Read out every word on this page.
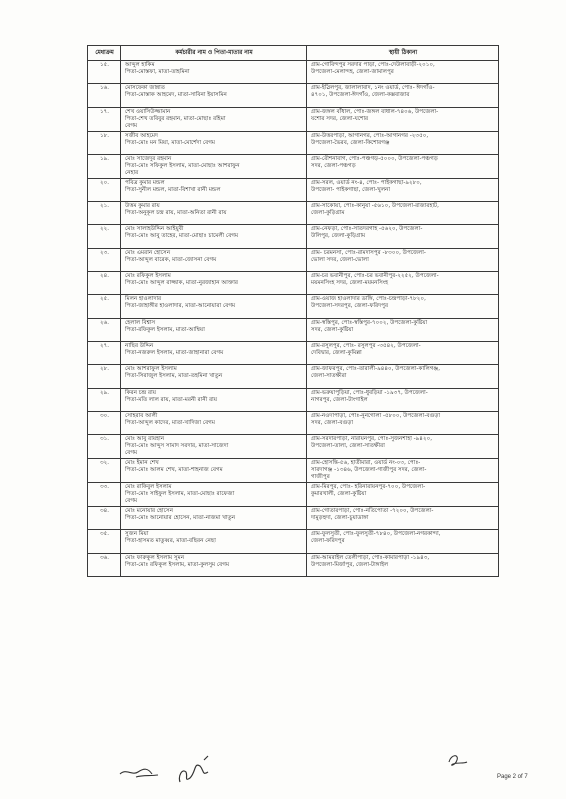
মেধাক্রম	কর্মচারীর নাম ও পিতা-মাতার নাম	স্থায়ী ঠিকানা
১৫.	আব্দুল হাকিম
পিতা-মোস্তফা, মাতা-তাহমিনা	গ্রাম-গোবিন্দপুর সরদার পাড়া, পোঃ-দেউলাবাড়ী-২০১০,
উপজেলা-মেলান্দহ, জেলা-জামালপুর

১৬.	মোসফেকা জান্নাত
পিতা-মোস্তাক আহমেদ, মাতা-সাবিনা ইয়াসমিন	গ্রাম-ইস্লিলপুর, জালালাবাদ, ১নং ওয়ার্ড, পোঃ- ঈদগাঁও-
৪৭০১, উপজেলা-ঈদগাঁও, জেলা-কক্সবাজার

১৭.	শেখ ওয়াসিউজ্জামান
পিতা-শেখ তবিবুর রহমান, মাতা-মোছাঃ রহিমা
বেগম	গ্রাম-জঙ্গল বাঁধাল, পোঃ-জঙ্গল বাধাল-৭৪০৬, উপজেলা-
যশোর সদর, জেলা-যশোর

১৮.	সজীব আহমেদ
পিতা-মোঃ মন মিয়া, মাতা-মোর্শেদা বেগম	গ্রাম-উত্তরপাড়া, আগানগর, পোঃ-আগানগর -২৩৫০,
উপজেলা-ভৈরব, জেলা-কিশোরগঞ্জ

১৯.	মোঃ সাজেদুর রহমান
পিতা-মোঃ সফিকুল ইসলাম, মাতা-মোছাঃ আশরাফুন
নেহার	গ্রাম-রৌশনাবাগ, পোঃ-পঞ্চগড়-৫০০০, উপজেলা-পঞ্চগড়
সদর, জেলা-পঞ্চগড়

২০.	পবিত্র কুমার মন্ডল
পিতা-সুনীল মন্ডল, মাতা-বিশাখা রানী মন্ডল	গ্রাম-সরল, ওয়ার্ড নং-৪, পোঃ- পাইকগাছা-৯২৮০,
উপজেলা- পাইকগাছা, জেলা-খুলনা

২১.	উত্তম কুমার রায়
পিতা-অনুকূল চন্দ্র রায়, মাতা-অনিতা রানী রায়	গ্রাম-সাকোয়া, পোঃ-কানুয়া -৫৬১০, উপজেলা-রাজারহাট,
জেলা-কুড়িগ্রাম

২২.	মোঃ সালাহউদ্দিন আইয়ুবী
পিতা-মোঃ আবু তাহের, মাতা-মোছাঃ চামেলী বেগম	গ্রাম-নেফড়া, পোঃ-সাতদরগাহ -৫৬২০, উপজেলা-
উলিপুর, জেলা-কুড়িগ্রাম

২৩.	মোঃ এমরান হোসেন
পিতা-আব্দুল বারেক, মাতা-জোসনা বেগম	গ্রাম- চরমনসা, পোঃ-রামদাসপুর -৮৩০০, উপজেলা-
ভোলা সদর, জেলা-ভোলা

২৪.	মোঃ রফিকুল ইসলাম
পিতা-মোঃ আব্দুল রাজ্জাক, মাতা-নুরজাহান আক্তার	গ্রাম-চর ভবানীপুর, পোঃ-চর ভবানীপুর-২২৫২, উপজেলা-
ময়মনসিংহ সদর, জেলা-ময়মনসিংহ

২৫.	মিলন হাওলাদার
পিতা-জাহাঙ্গীর হাওলাদার, মাতা-আনোয়ারা বেগম	গ্রাম-ওয়াজ হাওলাদার ডাঙ্গি, পোঃ-চন্দ্রপাড়া-৭৮২০,
উপজেলা-সদরপুর, জেলা-ফরিদপুর

২৬.	হেলাল বিশ্বাস
পিতা-রফিকুল ইসলাম, মাতা-আম্বিয়া	গ্রাম-স্বস্তিপুর, পোঃ-স্বস্তিপুর-৭০০২, উপজেলা-কুষ্টিয়া
সদর, জেলা-কুষ্টিয়া

২৭.	নাছির উদ্দিন
পিতা-নজরুল ইসলাম, মাতা-জাহানারা বেগম	গ্রাম-রসুলপুর, পোঃ- রসুলপুর -৩৫৪২, উপজেলা-
দেবিদ্বার, জেলা-কুমিল্লা

২৮.	মোঃ আশরাফুল ইসলাম
পিতা-সিরাজুল ইসলাম, মাতা-তহমিনা খাতুন	গ্রাম-জাফরপুর, পোঃ-তারালী-৯৪৪০, উপজেলা-কালিগঞ্জ,
জেলা-সাতক্ষীরা

২৯.	কিরন চন্দ্র রায়
পিতা-মতি লাল রায়, মাতা-মরনী রানী রায়	গ্রাম-ভরুয়াপুড়িয়া, পোঃ-ধুবড়িয়া -১৯৩৭, উপজেলা-
নাগরপুর, জেলা-টাংগাইল

৩০.	সোহরাব আলী
পিতা-আব্দুল কাদের, মাতা-খাদিজা বেগম	গ্রাম-নওদাপাড়া, পোঃ-নুনগোলা -৫৮০০, উপজেলা-বগুড়া
সদর, জেলা-বগুড়া

৩১.	মোঃ আবু রায়হান
পিতা-মোঃ আব্দুস সামাদ সরদার, মাতা-সাজেদা
বেগম	গ্রাম-সরদারপাড়া, নারায়নপুর, পোঃ-সুজনশাহা -৯৪২০,
উপজেলা-তালা, জেলা-সাতক্ষীরা

৩২.	মোঃ ইমান শেখ
পিতা-মোঃ আলম শেখ, মাতা-শাহনাজ বেগম	গ্রাম-হোসন্তি-৫৬, হাতীমারা, ওয়ার্ড নং-০৩, পোঃ-
সারদাগঞ্জ -১৩৪৬, উপজেলা-গাজীপুর সদর, জেলা-
গাজীপুর

৩৩.	মোঃ রাকিবুল ইসলাম
পিতা-মোঃ সাইফুল ইসলাম, মাতা-মোছাঃ রাফেজা
বেগম	গ্রাম-মিরপুর, পোঃ- হরিনারায়নপুর-৭০০, উপজেলা-
কুমারখালী, জেলা-কুষ্টিয়া

৩৪.	মোঃ মনোয়ার হোসেন
পিতা-মোঃ আনোয়ার হোসেন, মাতা-নাজমা খাতুন	গ্রাম-গোতারপাড়া, পোঃ-নতিপোতা -৭২০০, উপজেলা-
দামুড়হুদা, জেলা-চুয়াডাঙ্গা

৩৫.	সুজন মিয়া
পিতা-হাসমত মাতুব্বর, মাতা-বছিরন নেছা	গ্রাম-ফুলসুতী, পোঃ-ফুলসুতী-৭৮৪০, উপজেলা-নগরকান্দা,
জেলা-ফরিদপুর

৩৬.	মোঃ ফারুকুল ইসলাম সুমন
পিতা-মোঃ রফিকুল ইসলাম, মাতা-কুলসুম বেগম	গ্রাম-আমরাইল তেলীপাড়া, পোঃ-কামারপাড়া -১৯৪৩,
উপজেলা-মির্জাপুর, জেলা-টাঙ্গাইল
Page 2 of 7
